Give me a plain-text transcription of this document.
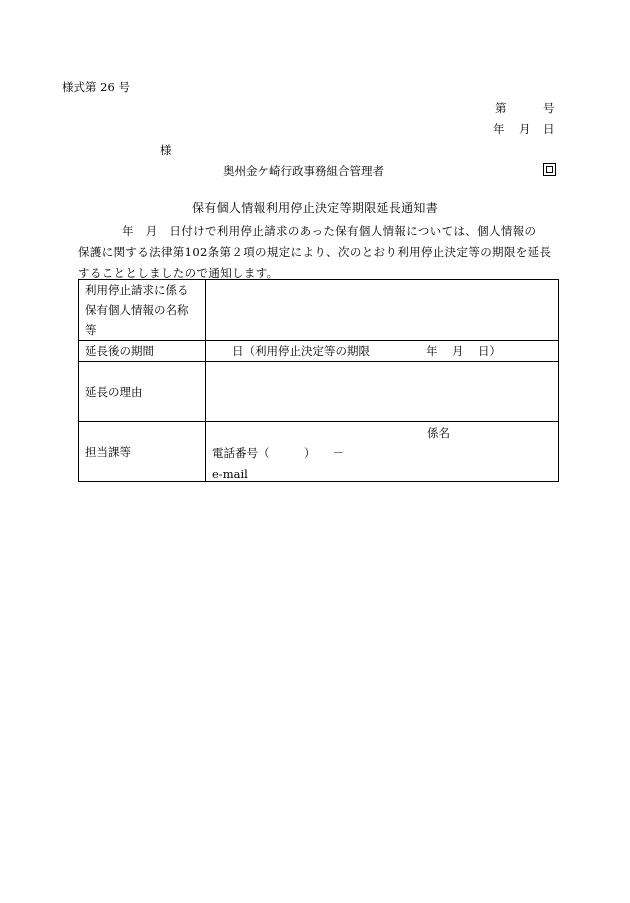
様式第 26 号
第	号
年 月 日
様
奥州金ケ崎行政事務組合管理者
保有個人情報利用停止決定等期限延長通知書
年　月　日付けで利用停止請求のあった保有個人情報については、個人情報の
保護に関する法律第102条第２項の規定により、次のとおり利用停止決定等の期限を延長
することとしましたので通知します。
利用停止請求に係る
保有個人情報の名称
等	

延長後の期間	日（利用停止決定等の期限 年 月 日）

延長の理由	
担当課等	係名
電話番号（　　　）　　－
e-mail
